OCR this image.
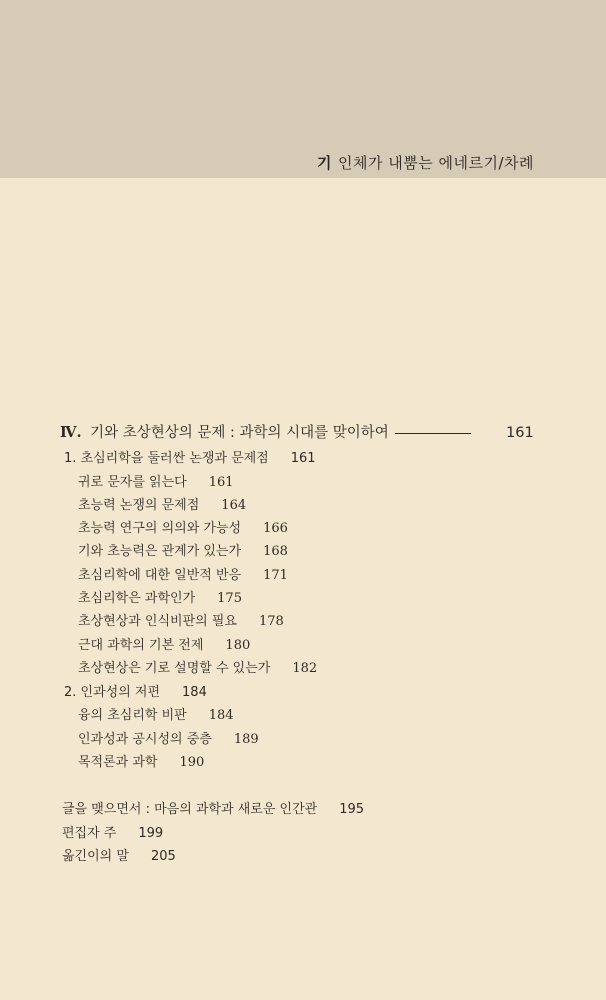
기 인체가 내뿜는 에네르기/차례
Ⅳ. 기와 초상현상의 문제 : 과학의 시대를 맞이하여	161
1. 초심리학을 둘러싼 논쟁과 문제점 161
귀로 문자를 읽는다 161
초능력 논쟁의 문제점 164
초능력 연구의 의의와 가능성 166
기와 초능력은 관계가 있는가 168
초심리학에 대한 일반적 반응 171
초심리학은 과학인가 175
초상현상과 인식비판의 필요 178
근대 과학의 기본 전제 180
초상현상은 기로 설명할 수 있는가 182
2. 인과성의 저편 184
융의 초심리학 비판 184
인과성과 공시성의 중층 189
목적론과 과학 190
글을 맺으면서 : 마음의 과학과 새로운 인간관 195
편집자 주 199
옮긴이의 말 205
